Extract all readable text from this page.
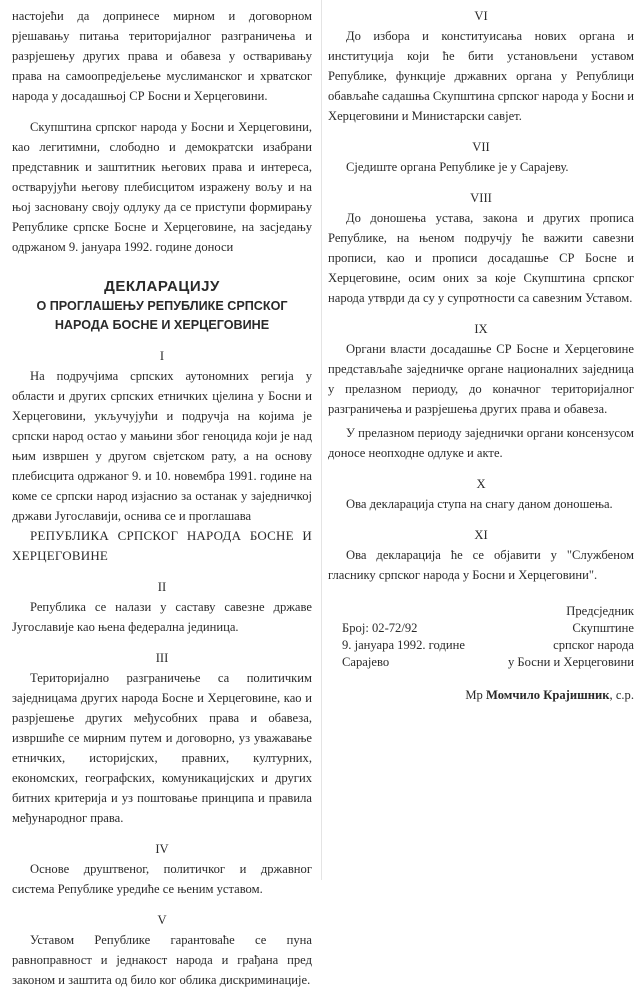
настојећи да допринесе мирном и договорном рјешавању питања територијалног разграничења и разрјешењу других права и обавеза у остваривању права на самоопредјељење муслиманског и хрватског народа у досадашњој СР Босни и Херцеговини.

Скупштина српског народа у Босни и Херцеговини, као легитимни, слободно и демократски изабрани представник и заштитник његових права и интереса, остварујући његову плебисцитом изражену вољу и на њој засновану своју одлуку да се приступи формирању Републике српске Босне и Херцеговине, на засједању одржаном 9. јануара 1992. године доноси

ДЕКЛАРАЦИЈУ

О ПРОГЛАШЕЊУ РЕПУБЛИКЕ СРПСКОГ

НАРОДА БОСНЕ И ХЕРЦЕГОВИНЕ

I

На подручјима српских аутономних регија у области и других српских етничких цјелина у Босни и Херцеговини, укључујући и подручја на којима је српски народ остао у мањини због геноцида који је над њим извршен у другом свјетском рату, а на основу плебисцита одржаног 9. и 10. новембра 1991. године на коме се српски народ изјаснио за останак у заједничкој држави Југославији, оснива се и проглашава

РЕПУБЛИКА СРПСКОГ НАРОДА БОСНЕ И ХЕРЦЕГОВИНЕ

II

Република се налази у саставу савезне државе Југославије као њена федерална јединица.

III

Територијално разграничење са политичким заједницама других народа Босне и Херцеговине, као и разрјешење других међусобних права и обавеза, извршиће се мирним путем и договорно, уз уважавање етничких, историјских, правних, културних, економских, географских, комуникацијских и других битних критерија и уз поштовање принципа и правила међународног права.

IV

Основе друштвеног, политичког и државног система Републике уредиће се њеним уставом.

V

Уставом Републике гарантоваће се пуна равноправност и једнакост народа и грађана пред законом и заштита од било ког облика дискриминације.

VI

До избора и конституисања нових органа и институција који ће бити установљени уставом Републике, функције државних органа у Републици обављаће садашња Скупштина српског народа у Босни и Херцеговини и Министарски савјет.

VII

Сједиште органа Републике је у Сарајеву.

VIII

До доношења устава, закона и других прописа Републике, на њеном подручју ће важити савезни прописи, као и прописи досадашње СР Босне и Херцеговине, осим оних за које Скупштина српског народа утврди да су у супротности са савезним Уставом.

IX

Органи власти досадашње СР Босне и Херцеговине представљаће заједничке органе националних заједница у прелазном периоду, до коначног територијалног разграничења и разрјешења других права и обавеза.

У прелазном периоду заједнички органи консензусом доносе неопходне одлуке и акте.

X

Ова декларација ступа на снагу даном доношења.

XI

Ова декларација ће се објавити у "Службеном гласнику српског народа у Босни и Херцеговини".

Број: 02-72/92

9. јануара 1992. године

Сарајево

Предсједник

Скупштине

српског народа

у Босни и Херцеговини

Мр Момчило Крајишник, с.р.
